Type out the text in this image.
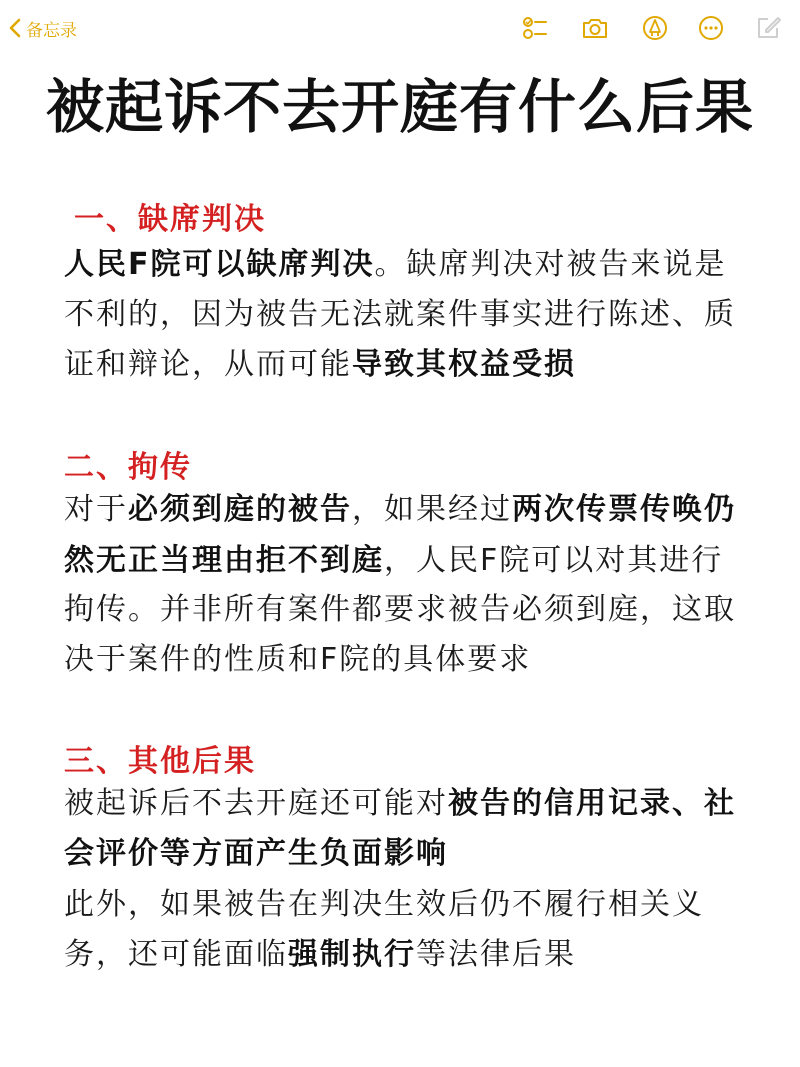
备忘录
被起诉不去开庭有什么后果
一、缺席判决
人民F院可以缺席判决。缺席判决对被告来说是
不利的，因为被告无法就案件事实进行陈述、质
证和辩论，从而可能导致其权益受损
二、拘传
对于必须到庭的被告，如果经过两次传票传唤仍
然无正当理由拒不到庭，人民F院可以对其进行
拘传。并非所有案件都要求被告必须到庭，这取
决于案件的性质和F院的具体要求
三、其他后果
被起诉后不去开庭还可能对被告的信用记录、社
会评价等方面产生负面影响
此外，如果被告在判决生效后仍不履行相关义
务，还可能面临强制执行等法律后果
